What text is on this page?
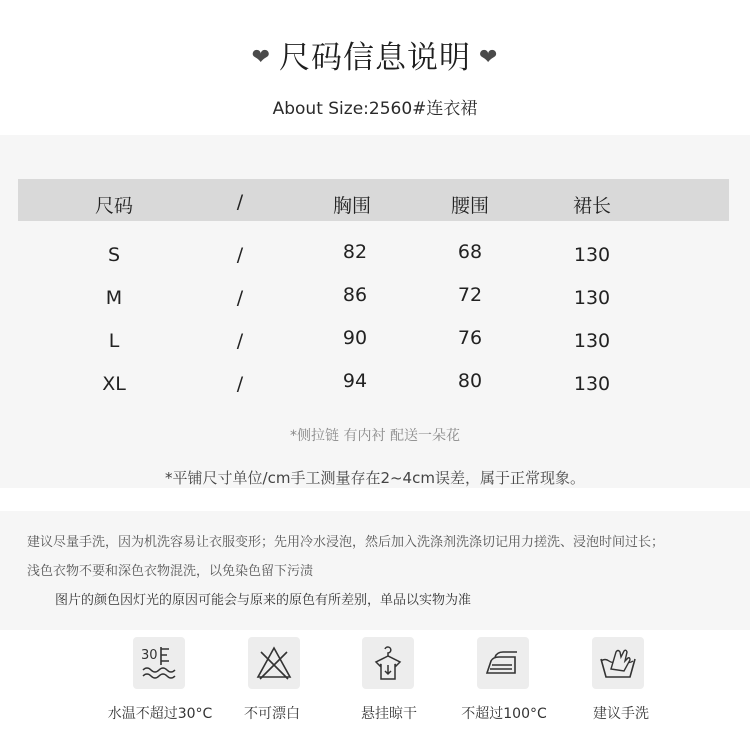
❤ 尺码信息说明 ❤
About Size:2560#连衣裙
尺码	/	胸围	腰围	裙长
S	/	82	68	130
M	/	86	72	130
L	/	90	76	130
XL	/	94	80	130
*侧拉链 有内衬 配送一朵花
*平铺尺寸单位/cm手工测量存在2~4cm误差，属于正常现象。
建议尽量手洗，因为机洗容易让衣服变形；先用冷水浸泡，然后加入洗涤剂洗涤切记用力搓洗、浸泡时间过长；
浅色衣物不要和深色衣物混洗，以免染色留下污渍
图片的颜色因灯光的原因可能会与原来的原色有所差别，单品以实物为准
30
水温不超过30°C 不可漂白	悬挂晾干	不超过100°C	建议手洗
